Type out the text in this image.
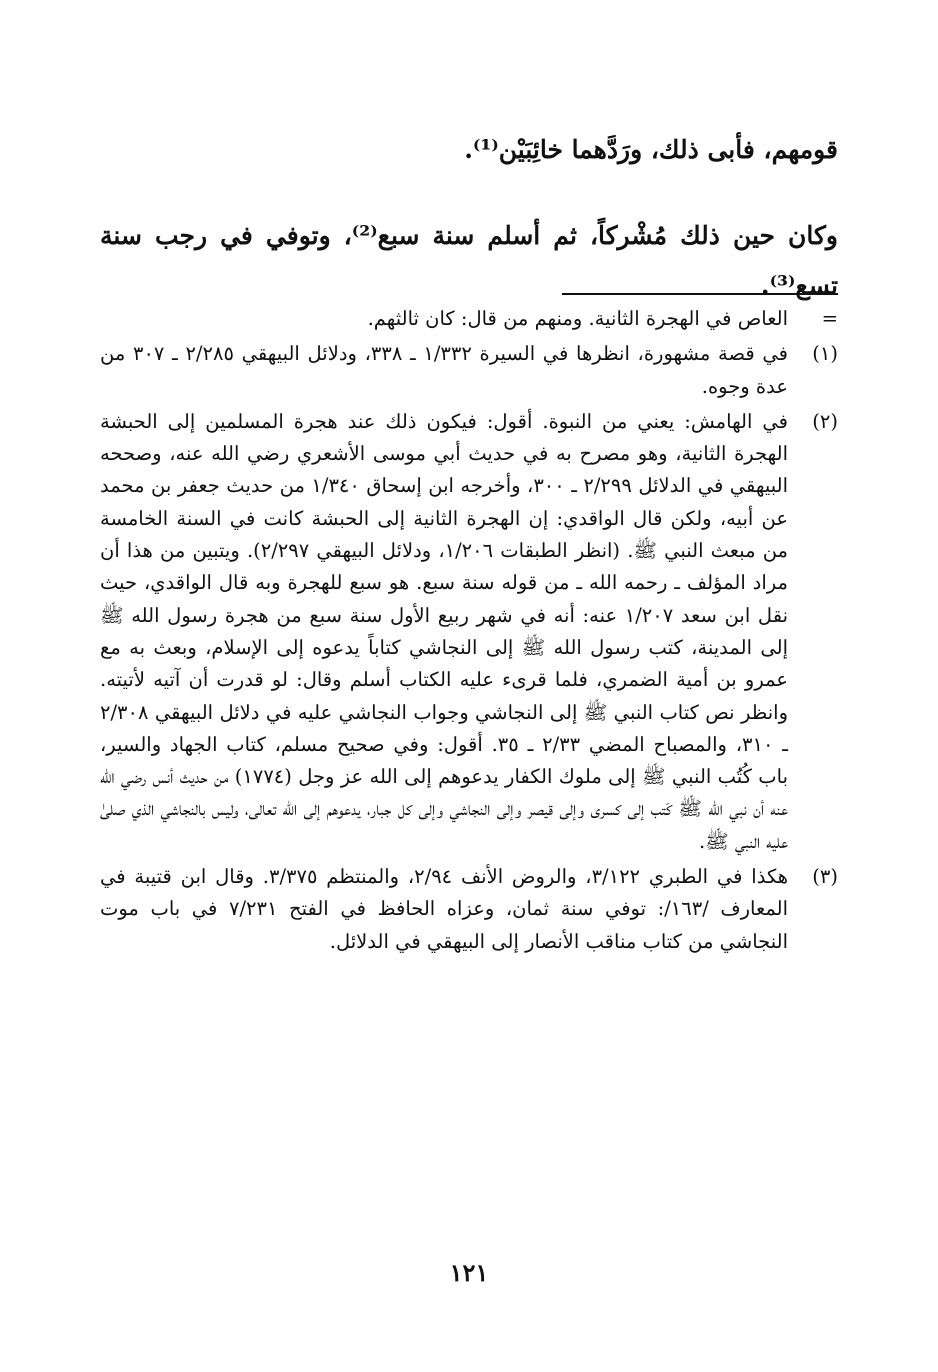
قومهم، فأبى ذلك، ورَدَّهما خائِبَيْن⁽¹⁾.

وكان حين ذلك مُشْركاً، ثم أسلم سنة سبع⁽²⁾، وتوفي في رجب سنة تسع⁽³⁾.

=
العاص في الهجرة الثانية. ومنهم من قال: كان ثالثهم.
(١)
في قصة مشهورة، انظرها في السيرة ١/٣٣٢ ـ ٣٣٨، ودلائل البيهقي ٢/٢٨٥ ـ ٣٠٧ من عدة وجوه.
(٢)
في الهامش: يعني من النبوة. أقول: فيكون ذلك عند هجرة المسلمين إلى الحبشة الهجرة الثانية، وهو مصرح به في حديث أبي موسى الأشعري رضي الله عنه، وصححه البيهقي في الدلائل ٢/٢٩٩ ـ ٣٠٠، وأخرجه ابن إسحاق ١/٣٤٠ من حديث جعفر بن محمد عن أبيه، ولكن قال الواقدي: إن الهجرة الثانية إلى الحبشة كانت في السنة الخامسة من مبعث النبي ﷺ. (انظر الطبقات ١/٢٠٦، ودلائل البيهقي ٢/٢٩٧). ويتبين من هذا أن مراد المؤلف ـ رحمه الله ـ من قوله سنة سبع. هو سبع للهجرة وبه قال الواقدي، حيث نقل ابن سعد ١/٢٠٧ عنه: أنه في شهر ربيع الأول سنة سبع من هجرة رسول الله ﷺ إلى المدينة، كتب رسول الله ﷺ إلى النجاشي كتاباً يدعوه إلى الإسلام، وبعث به مع عمرو بن أمية الضمري، فلما قرىء عليه الكتاب أسلم وقال: لو قدرت أن آتيه لأتيته. وانظر نص كتاب النبي ﷺ إلى النجاشي وجواب النجاشي عليه في دلائل البيهقي ٢/٣٠٨ ـ ٣١٠، والمصباح المضي ٢/٣٣ ـ ٣٥. أقول: وفي صحيح مسلم، كتاب الجهاد والسير، باب كُتُب النبي ﷺ إلى ملوك الكفار يدعوهم إلى الله عز وجل (١٧٧٤) من حديث أنس رضي الله عنه أن نبي الله ﷺ كَتب إلى كسرى وإلى قيصر وإلى النجاشي وإلى كل جبار، يدعوهم إلى الله تعالى، وليس بالنجاشي الذي صلىٰ عليه النبي ﷺ.
(٣)
هكذا في الطبري ٣/١٢٢، والروض الأنف ٢/٩٤، والمنتظم ٣/٣٧٥. وقال ابن قتيبة في المعارف /١٦٣/: توفي سنة ثمان، وعزاه الحافظ في الفتح ٧/٢٣١ في باب موت النجاشي من كتاب مناقب الأنصار إلى البيهقي في الدلائل.
١٢١
